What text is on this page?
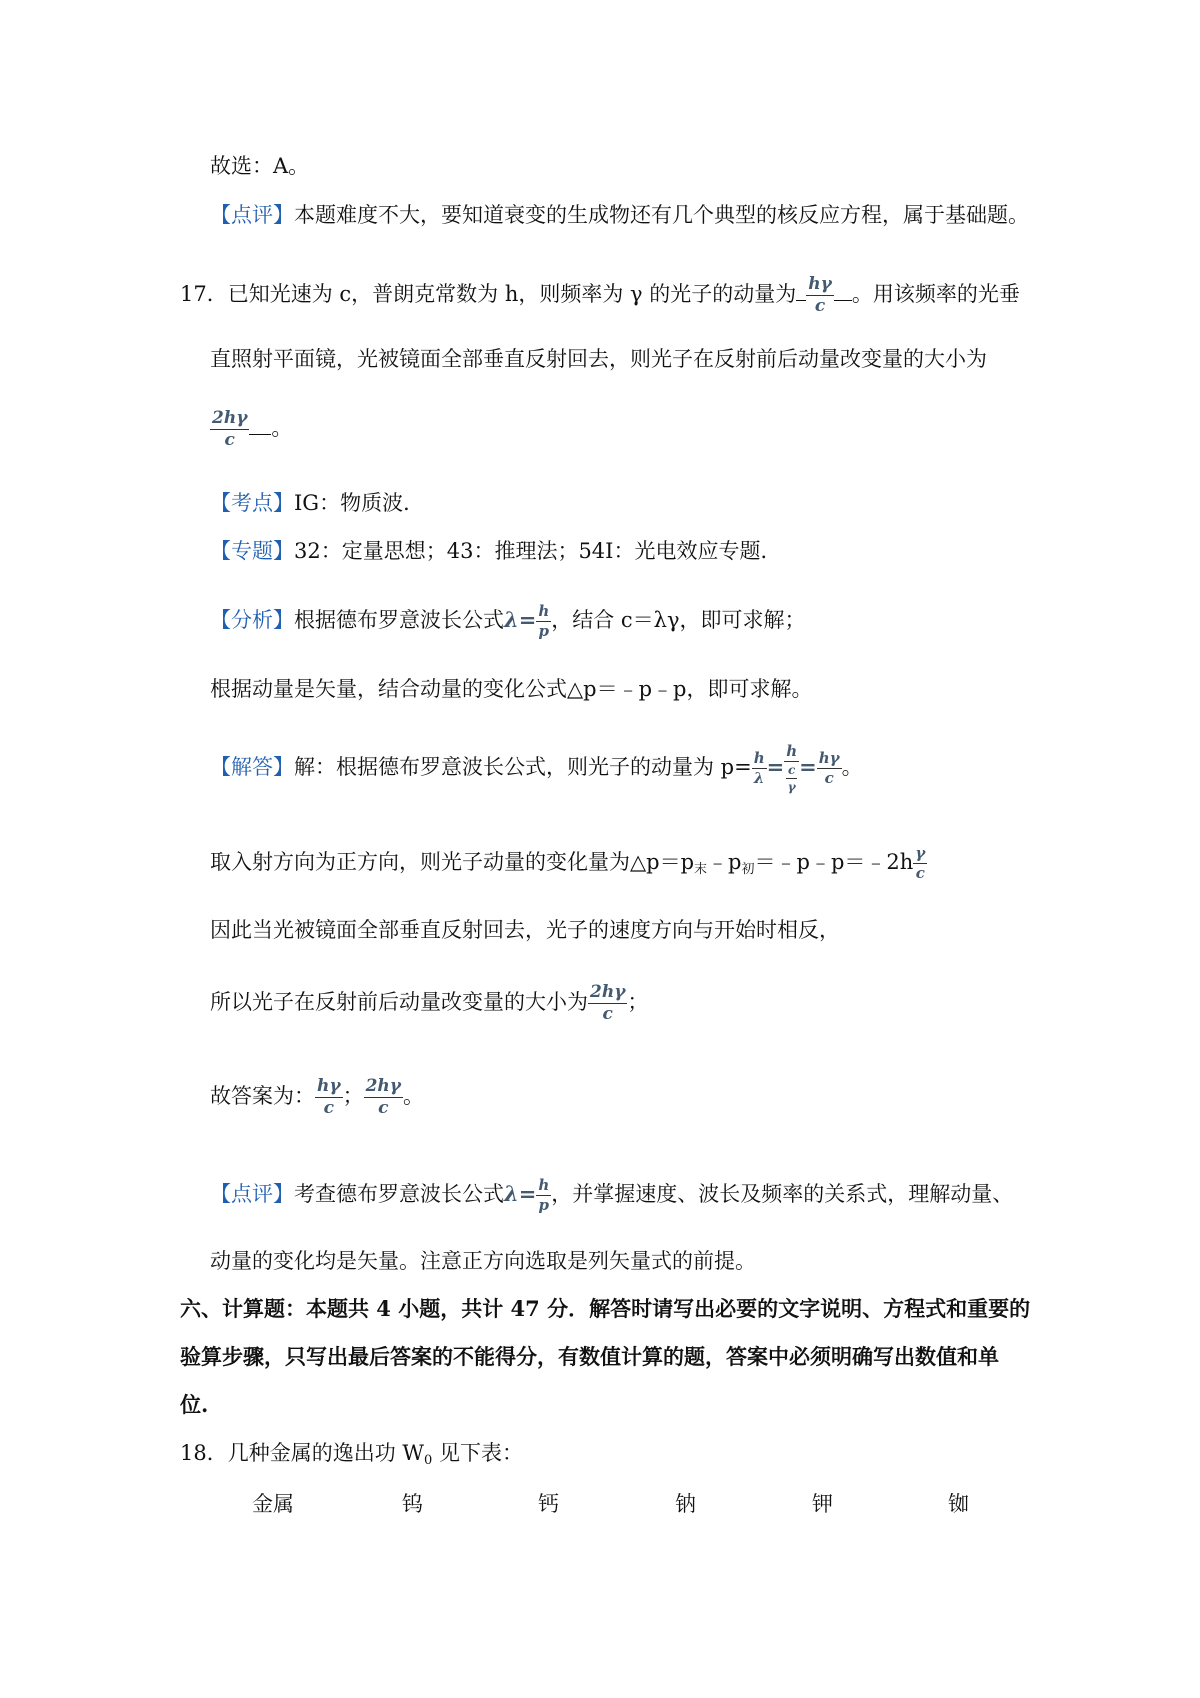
故选：A。
【点评】本题难度不大，要知道衰变的生成物还有几个典型的核反应方程，属于基础题。
17．已知光速为 c，普朗克常数为 h，则频率为 γ 的光子的动量为 $\frac{h\gamma}{c}$ 。用该频率的光垂
直照射平面镜，光被镜面全部垂直反射回去，则光子在反射前后动量改变量的大小为
$\frac{2h\gamma}{c}$ 。
【考点】IG：物质波．
【专题】32：定量思想；43：推理法；54I：光电效应专题．
【分析】根据德布罗意波长公式$\lambda= \frac{h}{p}$ ，结合 c＝λγ，即可求解；
根据动量是矢量，结合动量的变化公式△p＝﹣p﹣p，即可求解。
【解答】解：根据德布罗意波长公式，则光子的动量为 $p= \frac{h}{\lambda} = \frac{h}{\frac{c}{\gamma}} = \frac{h\gamma}{c}$ 。
取入射方向为正方向，则光子动量的变化量为$\triangle p=p_末﹣p_初=﹣p﹣p=﹣2h \frac{\gamma}{c}$
因此当光被镜面全部垂直反射回去，光子的速度方向与开始时相反，
所以光子在反射前后动量改变量的大小为 $\frac{2h\gamma}{c}$ ；
故答案为： $\frac{h\gamma}{c}$ ； $\frac{2h\gamma}{c}$ 。
【点评】考查德布罗意波长公式$\lambda= \frac{h}{p}$ ，并掌握速度、波长及频率的关系式，理解动量、
动量的变化均是矢量。注意正方向选取是列矢量式的前提。
六、计算题：本题共 4 小题，共计 47 分．解答时请写出必要的文字说明、方程式和重要的
验算步骤，只写出最后答案的不能得分，有数值计算的题，答案中必须明确写出数值和单
位.
18．几种金属的逸出功 $W_0$ 见下表：
金属	钨	钙	钠	钾	铷
